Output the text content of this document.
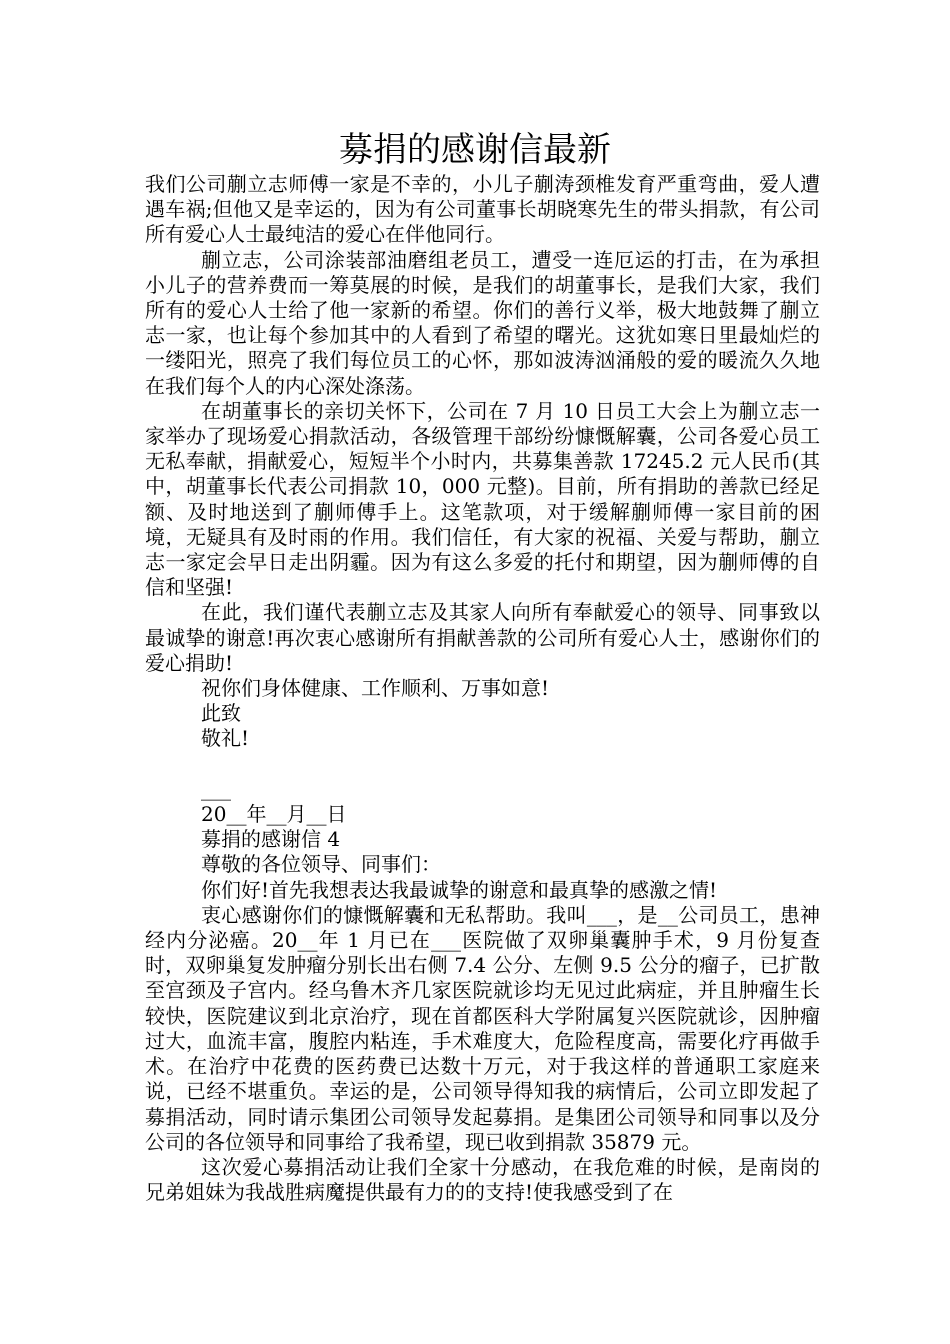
募捐的感谢信最新

我们公司蒯立志师傅一家是不幸的，小儿子蒯涛颈椎发育严重弯曲，爱人遭遇车祸;但他又是幸运的，因为有公司董事长胡晓寒先生的带头捐款，有公司所有爱心人士最纯洁的爱心在伴他同行。

蒯立志，公司涂装部油磨组老员工，遭受一连厄运的打击，在为承担小儿子的营养费而一筹莫展的时候，是我们的胡董事长，是我们大家，我们所有的爱心人士给了他一家新的希望。你们的善行义举，极大地鼓舞了蒯立志一家，也让每个参加其中的人看到了希望的曙光。这犹如寒日里最灿烂的一缕阳光，照亮了我们每位员工的心怀，那如波涛汹涌般的爱的暖流久久地在我们每个人的内心深处涤荡。

在胡董事长的亲切关怀下，公司在 7 月 10 日员工大会上为蒯立志一家举办了现场爱心捐款活动，各级管理干部纷纷慷慨解囊，公司各爱心员工无私奉献，捐献爱心，短短半个小时内，共募集善款 17245.2 元人民币(其中，胡董事长代表公司捐款 10，000 元整)。目前，所有捐助的善款已经足额、及时地送到了蒯师傅手上。这笔款项，对于缓解蒯师傅一家目前的困境，无疑具有及时雨的作用。我们信任，有大家的祝福、关爱与帮助，蒯立志一家定会早日走出阴霾。因为有这么多爱的托付和期望，因为蒯师傅的自信和坚强!

在此，我们谨代表蒯立志及其家人向所有奉献爱心的领导、同事致以最诚挚的谢意!再次衷心感谢所有捐献善款的公司所有爱心人士，感谢你们的爱心捐助!

祝你们身体健康、工作顺利、万事如意!

此致

敬礼!

___

20__年__月__日

募捐的感谢信 4

尊敬的各位领导、同事们：

你们好!首先我想表达我最诚挚的谢意和最真挚的感激之情!

衷心感谢你们的慷慨解囊和无私帮助。我叫___，是__公司员工，患神经内分泌癌。20__年 1 月已在___医院做了双卵巢囊肿手术，9 月份复查时，双卵巢复发肿瘤分别长出右侧 7.4 公分、左侧 9.5 公分的瘤子，已扩散至宫颈及子宫内。经乌鲁木齐几家医院就诊均无见过此病症，并且肿瘤生长较快，医院建议到北京治疗，现在首都医科大学附属复兴医院就诊，因肿瘤过大，血流丰富，腹腔内粘连，手术难度大，危险程度高，需要化疗再做手术。在治疗中花费的医药费已达数十万元，对于我这样的普通职工家庭来说，已经不堪重负。幸运的是，公司领导得知我的病情后，公司立即发起了募捐活动，同时请示集团公司领导发起募捐。是集团公司领导和同事以及分公司的各位领导和同事给了我希望，现已收到捐款 35879 元。

这次爱心募捐活动让我们全家十分感动，在我危难的时候，是南岗的兄弟姐妹为我战胜病魔提供最有力的的支持!使我感受到了在
